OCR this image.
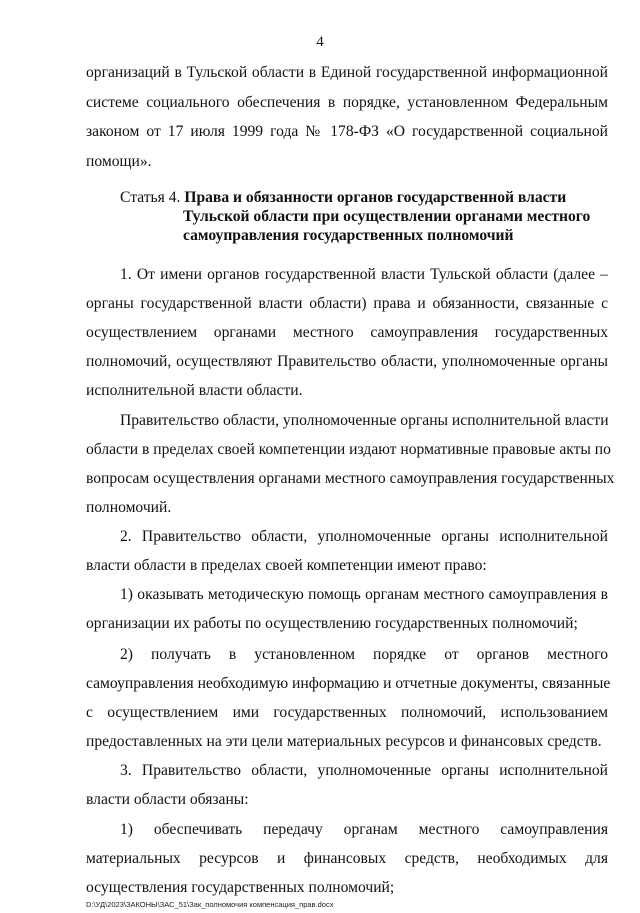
4
организаций в Тульской области в Единой государственной информационной
системе социального обеспечения в порядке, установленном Федеральным
законом от 17 июля 1999 года № 178-ФЗ «О государственной социальной
помощи».
Статья 4. Права и обязанности органов государственной власти
Тульской области при осуществлении органами местного
самоуправления государственных полномочий
1. От имени органов государственной власти Тульской области (далее –
органы государственной власти области) права и обязанности, связанные с
осуществлением органами местного самоуправления государственных
полномочий, осуществляют Правительство области, уполномоченные органы
исполнительной власти области.
Правительство области, уполномоченные органы исполнительной власти
области в пределах своей компетенции издают нормативные правовые акты по
вопросам осуществления органами местного самоуправления государственных
полномочий.
2. Правительство области, уполномоченные органы исполнительной
власти области в пределах своей компетенции имеют право:
1) оказывать методическую помощь органам местного самоуправления в
организации их работы по осуществлению государственных полномочий;
2) получать в установленном порядке от органов местного
самоуправления необходимую информацию и отчетные документы, связанные
с осуществлением ими государственных полномочий, использованием
предоставленных на эти цели материальных ресурсов и финансовых средств.
3. Правительство области, уполномоченные органы исполнительной
власти области обязаны:
1) обеспечивать передачу органам местного самоуправления
материальных ресурсов и финансовых средств, необходимых для
осуществления государственных полномочий;
D:\УД\2023\ЗАКОНЫ\ЗАС_51\Зак_полномочия компенсация_прав.docx
